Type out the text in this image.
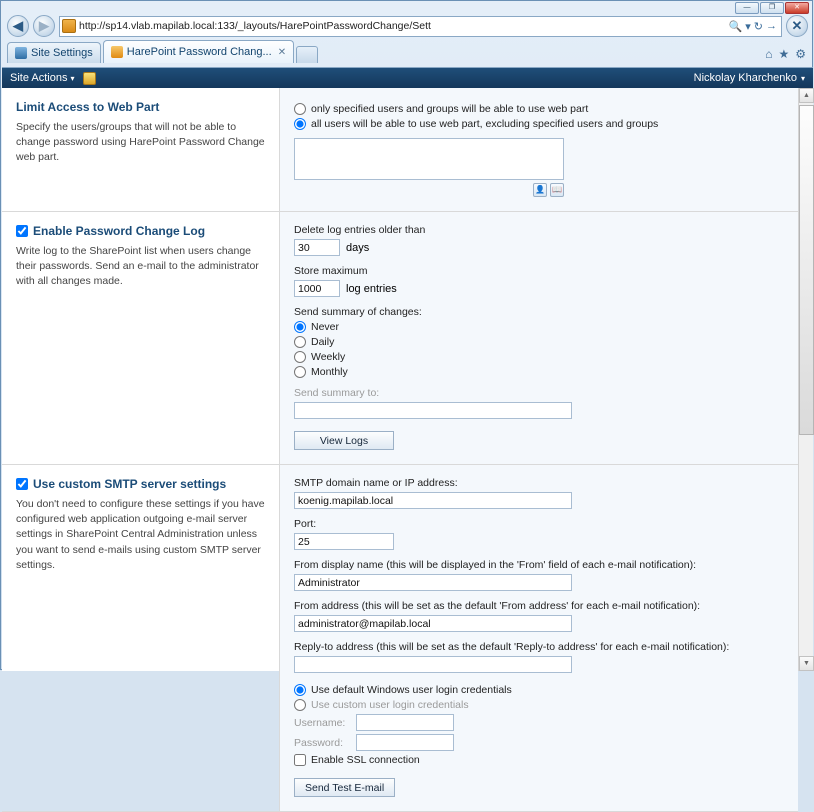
—	❐	✕
◀	▶	http://sp14.vlab.mapilab.local:133/_layouts/HarePointPasswordChange/Sett	🔍 ▾ ↻ →	✕
Site Settings	HarePoint Password Chang... ✕	⌂ ★ ⚙
Site Actions ▾	Nickolay Kharchenko ▾
Limit Access to Web Part
Specify the users/groups that will not be able to change password using HarePoint Password Change web part.
only specified users and groups will be able to use web part
all users will be able to use web part, excluding specified users and groups
👤 📖
Enable Password Change Log
Write log to the SharePoint list when users change their passwords. Send an e-mail to the administrator with all changes made.
Delete log entries older than
30
days
Store maximum
1000
log entries
Send summary of changes:
Never
Daily
Weekly
Monthly
Send summary to:
View Logs
Use custom SMTP server settings
You don't need to configure these settings if you have configured web application outgoing e-mail server settings in SharePoint Central Administration unless you want to send e-mails using custom SMTP server settings.
SMTP domain name or IP address:
koenig.mapilab.local
Port:
25
From display name (this will be displayed in the 'From' field of each e-mail notification):
Administrator
From address (this will be set as the default 'From address' for each e-mail notification):
administrator@mapilab.local
Reply-to address (this will be set as the default 'Reply-to address' for each e-mail notification):
Use default Windows user login credentials
Use custom user login credentials
Username:
Password:
Enable SSL connection
Send Test E-mail
▲
▼
